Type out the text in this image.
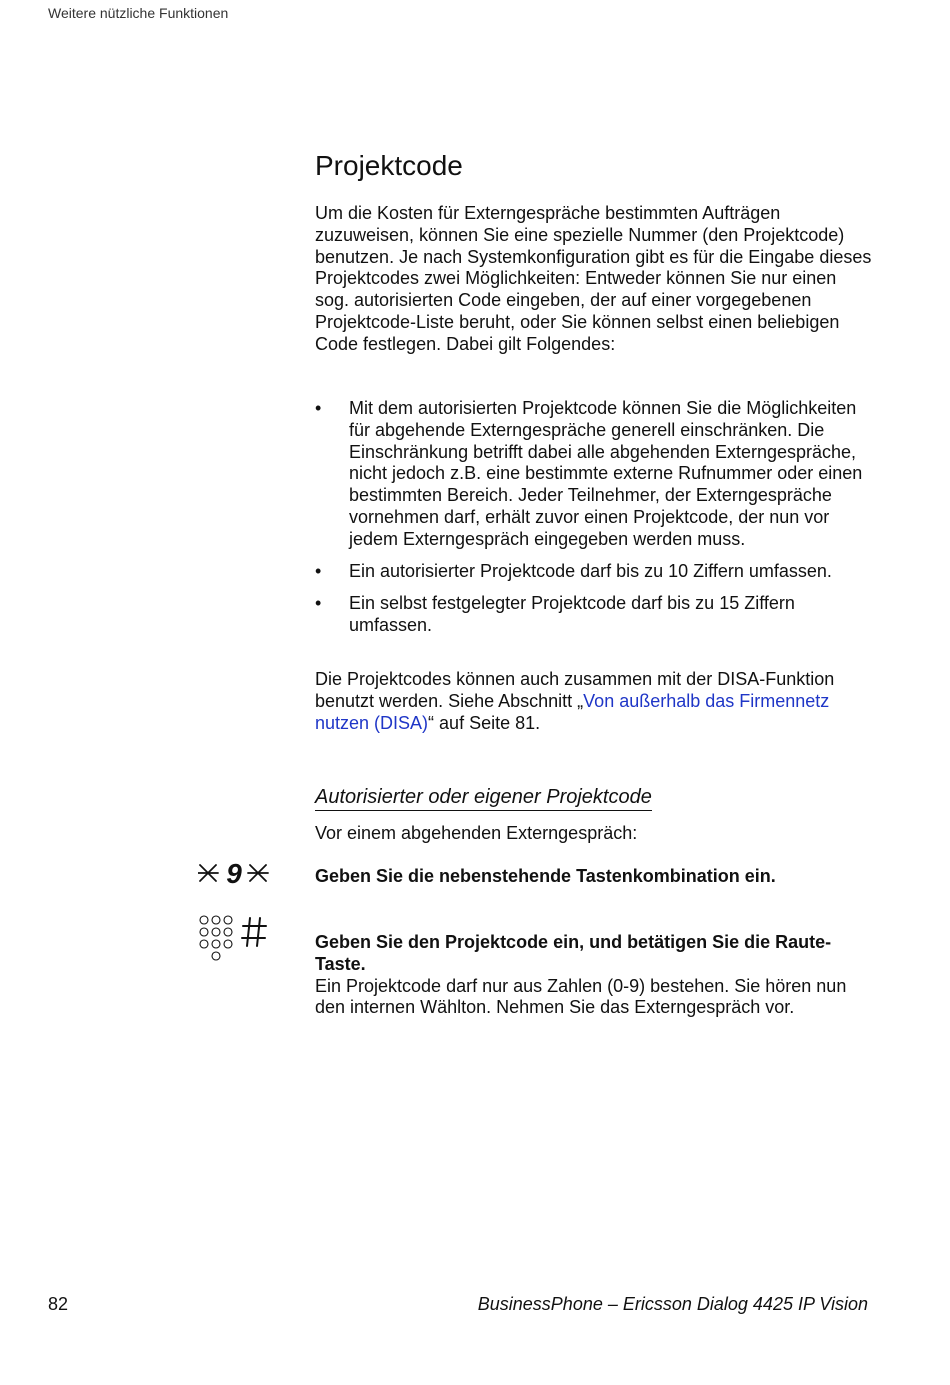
Weitere nützliche Funktionen
Projektcode

Um die Kosten für Externgespräche bestimmten Aufträgen zuzuweisen, können Sie eine spezielle Nummer (den Projektcode) benutzen. Je nach Systemkonfiguration gibt es für die Eingabe dieses Projektcodes zwei Möglichkeiten: Entweder können Sie nur einen sog. autorisierten Code eingeben, der auf einer vorgegebenen Projektcode-Liste beruht, oder Sie können selbst einen beliebigen Code festlegen. Dabei gilt Folgendes:

• Mit dem autorisierten Projektcode können Sie die Möglichkeiten für abgehende Externgespräche generell einschränken. Die Einschränkung betrifft dabei alle abgehenden Externgespräche, nicht jedoch z.B. eine bestimmte externe Rufnummer oder einen bestimmten Bereich. Jeder Teilnehmer, der Externgespräche vornehmen darf, erhält zuvor einen Projektcode, der nun vor jedem Externgespräch eingegeben werden muss.
• Ein autorisierter Projektcode darf bis zu 10 Ziffern umfassen.
• Ein selbst festgelegter Projektcode darf bis zu 15 Ziffern umfassen.

Die Projektcodes können auch zusammen mit der DISA-Funktion benutzt werden. Siehe Abschnitt „Von außerhalb das Firmennetz nutzen (DISA)“ auf Seite 81.

Autorisierter oder eigener Projektcode

Vor einem abgehenden Externgespräch:

9	Geben Sie die nebenstehende Tastenkombination ein.

Geben Sie den Projektcode ein, und betätigen Sie die Raute-Taste.
Ein Projektcode darf nur aus Zahlen (0-9) bestehen. Sie hören nun den internen Wählton. Nehmen Sie das Externgespräch vor.
82	BusinessPhone – Ericsson Dialog 4425 IP Vision
